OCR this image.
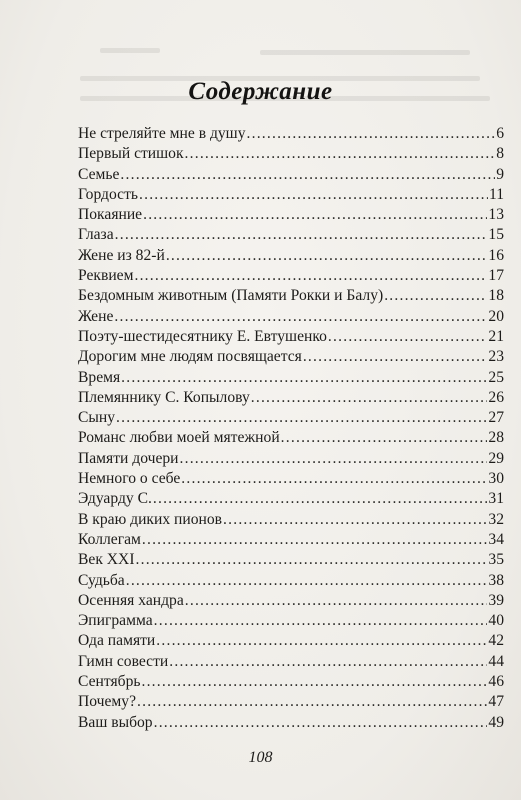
Содержание
Не стреляйте мне в душу .....	6
Первый стишок .....	8
Семье .....	9
Гордость .....	11
Покаяние .....	13
Глаза .....	15
Жене из 82-й .....	16
Реквием .....	17
Бездомным животным (Памяти Рокки и Балу) .....	18
Жене .....	20
Поэту-шестидесятнику Е. Евтушенко .....	21
Дорогим мне людям посвящается .....	23
Время .....	25
Племяннику С. Копылову .....	26
Сыну .....	27
Романс любви моей мятежной .....	28
Памяти дочери .....	29
Немного о себе .....	30
Эдуарду С. .....	31
В краю диких пионов .....	32
Коллегам .....	34
Век XXI .....	35
Судьба .....	38
Осенняя хандра .....	39
Эпиграмма .....	40
Ода памяти .....	42
Гимн совести .....	44
Сентябрь .....	46
Почему? .....	47
Ваш выбор .....	49
108
